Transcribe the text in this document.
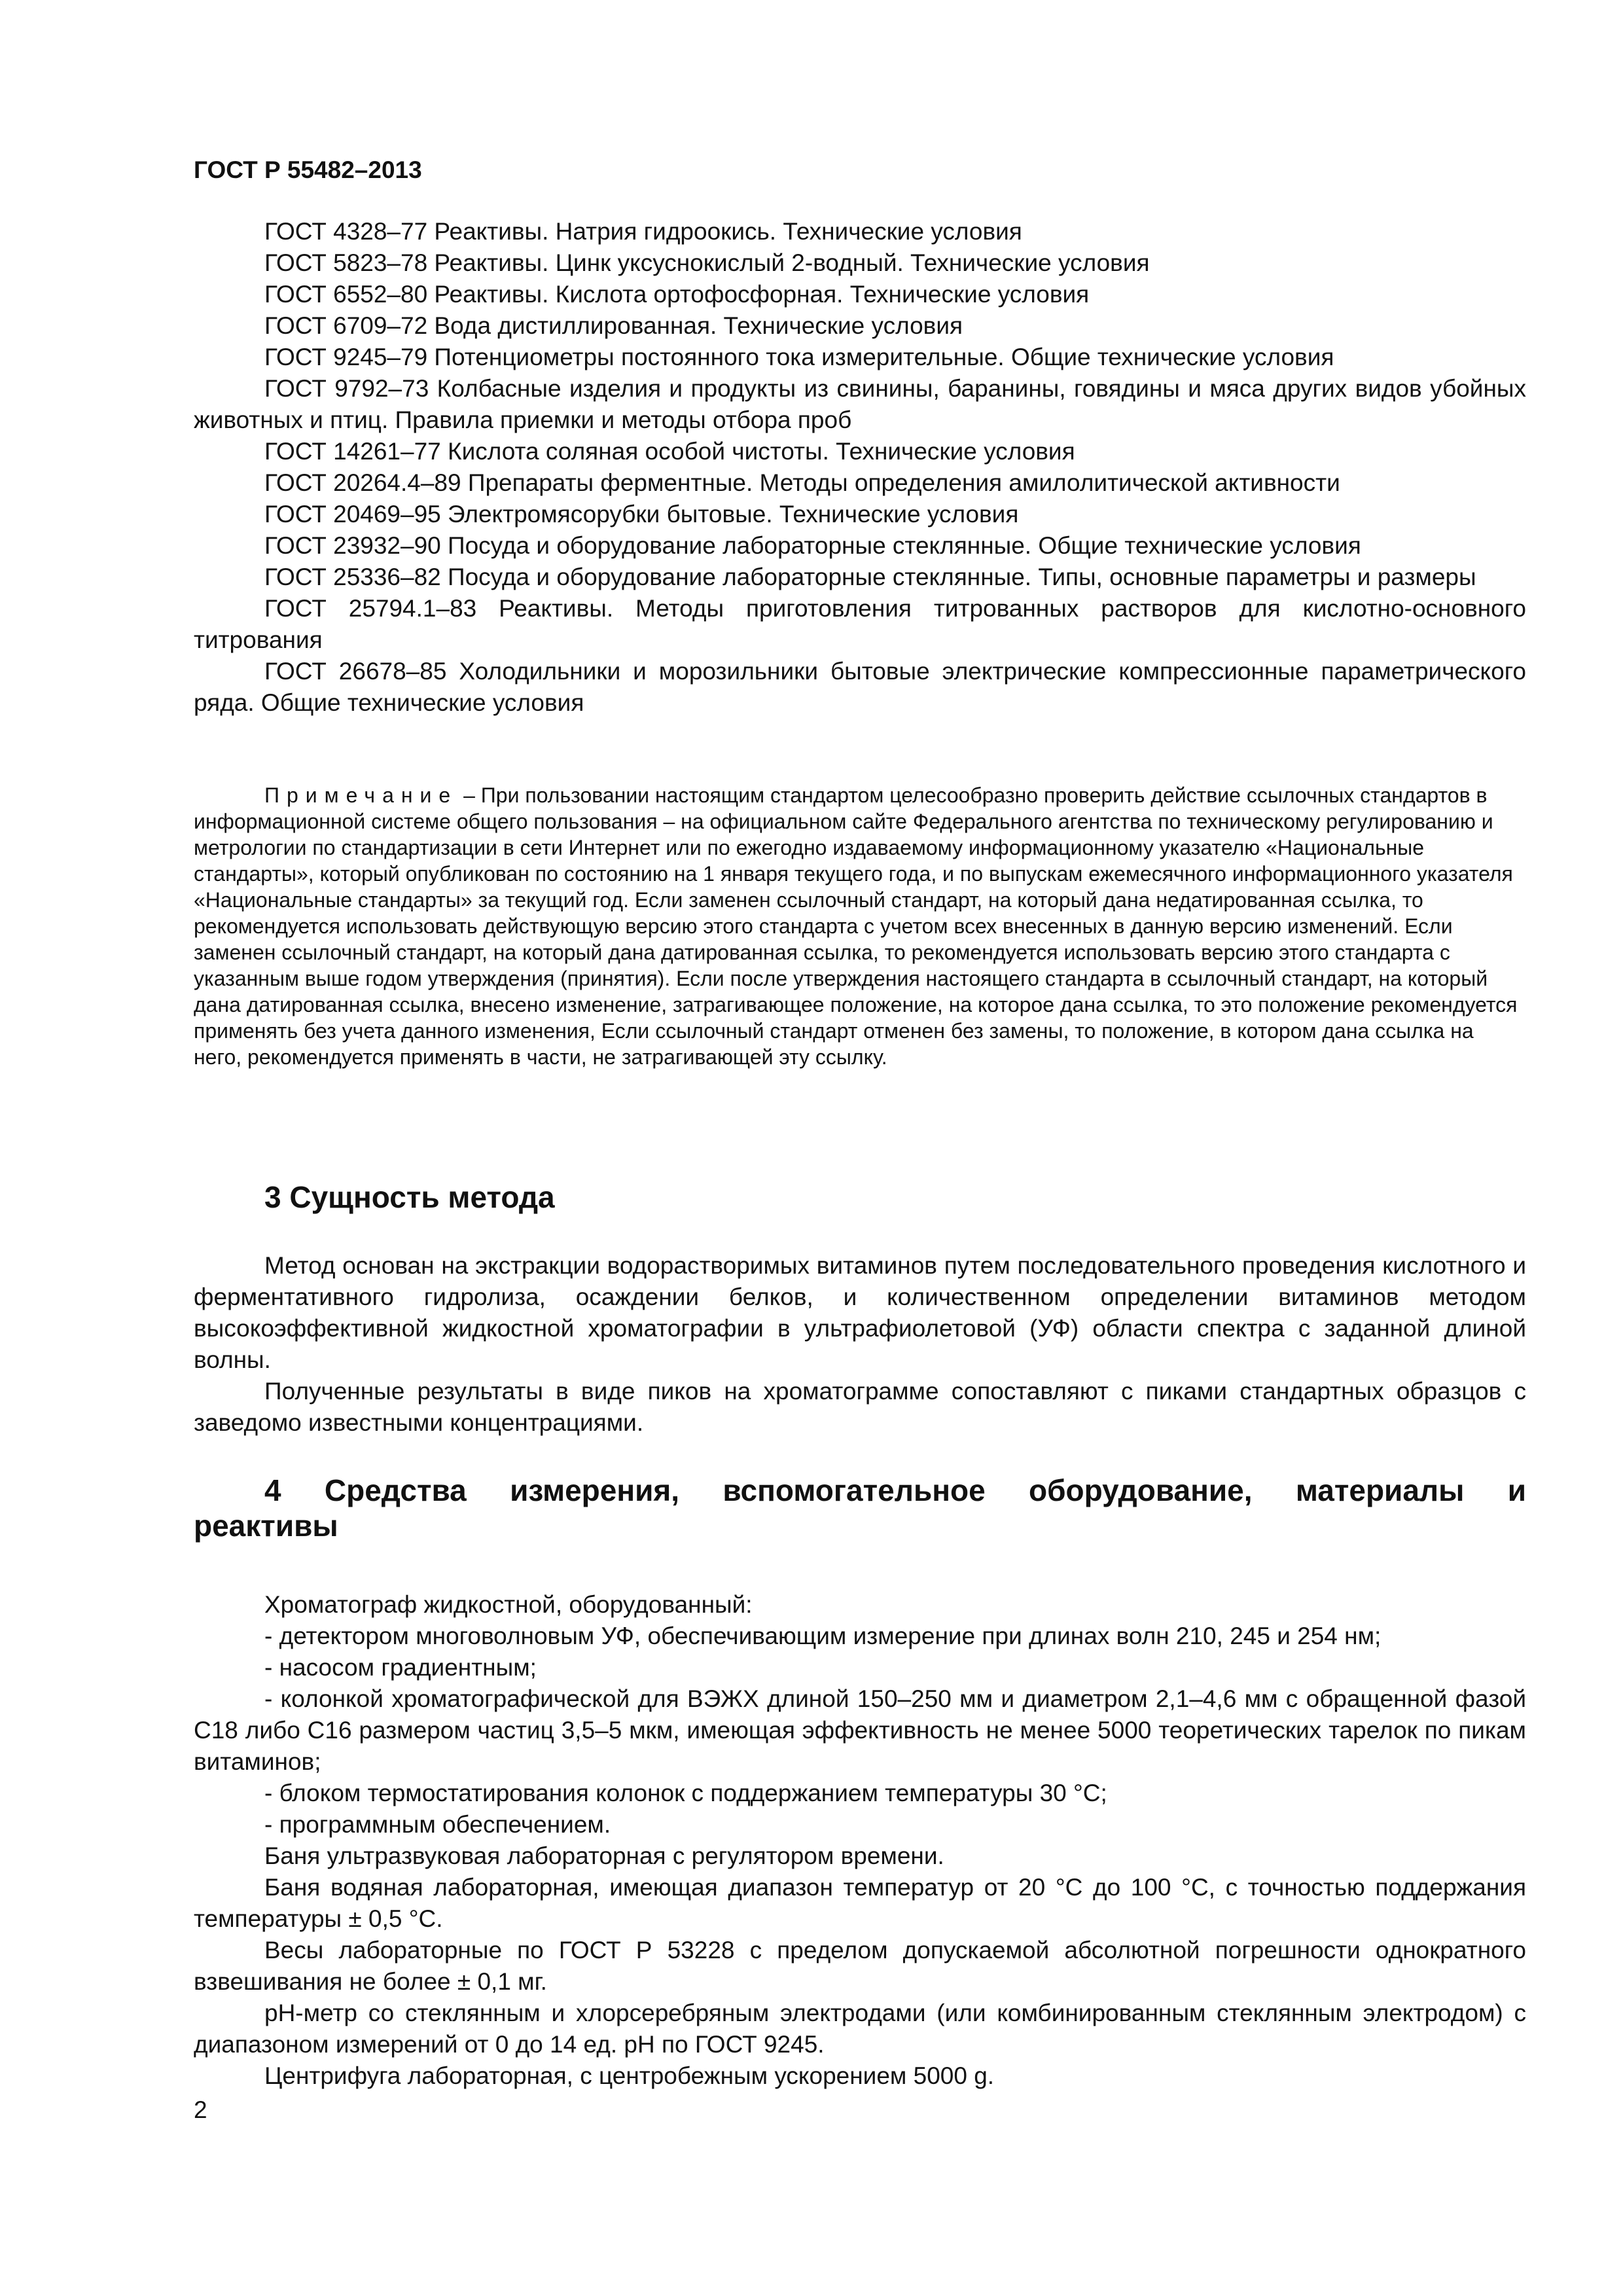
ГОСТ Р 55482–2013

ГОСТ 4328–77 Реактивы. Натрия гидроокись. Технические условия

ГОСТ 5823–78 Реактивы. Цинк уксуснокислый 2-водный. Технические условия

ГОСТ 6552–80 Реактивы. Кислота ортофосфорная. Технические условия

ГОСТ 6709–72 Вода дистиллированная. Технические условия

ГОСТ 9245–79 Потенциометры постоянного тока измерительные. Общие технические условия

ГОСТ 9792–73 Колбасные изделия и продукты из свинины, баранины, говядины и мяса других видов убойных животных и птиц. Правила приемки и методы отбора проб

ГОСТ 14261–77 Кислота соляная особой чистоты. Технические условия

ГОСТ 20264.4–89 Препараты ферментные. Методы определения амилолитической активности

ГОСТ 20469–95 Электромясорубки бытовые. Технические условия

ГОСТ 23932–90 Посуда и оборудование лабораторные стеклянные. Общие технические условия

ГОСТ 25336–82 Посуда и оборудование лабораторные стеклянные. Типы, основные параметры и размеры

ГОСТ 25794.1–83 Реактивы. Методы приготовления титрованных растворов для кислотно-основного титрования

ГОСТ 26678–85 Холодильники и морозильники бытовые электрические компрессионные параметрического ряда. Общие технические условия

Примечание – При пользовании настоящим стандартом целесообразно проверить действие ссылочных стандартов в информационной системе общего пользования – на официальном сайте Федерального агентства по техническому регулированию и метрологии по стандартизации в сети Интернет или по ежегодно издаваемому информационному указателю «Национальные стандарты», который опубликован по состоянию на 1 января текущего года, и по выпускам ежемесячного информационного указателя «Национальные стандарты» за текущий год. Если заменен ссылочный стандарт, на который дана недатированная ссылка, то рекомендуется использовать действующую версию этого стандарта с учетом всех внесенных в данную версию изменений. Если заменен ссылочный стандарт, на который дана датированная ссылка, то рекомендуется использовать версию этого стандарта с указанным выше годом утверждения (принятия). Если после утверждения настоящего стандарта в ссылочный стандарт, на который дана датированная ссылка, внесено изменение, затрагивающее положение, на которое дана ссылка, то это положение рекомендуется применять без учета данного изменения, Если ссылочный стандарт отменен без замены, то положение, в котором дана ссылка на него, рекомендуется применять в части, не затрагивающей эту ссылку.

3 Сущность метода

Метод основан на экстракции водорастворимых витаминов путем последовательного проведения кислотного и ферментативного гидролиза, осаждении белков, и количественном определении витаминов методом высокоэффективной жидкостной хроматографии в ультрафиолетовой (УФ) области спектра с заданной длиной волны.

Полученные результаты в виде пиков на хроматограмме сопоставляют с пиками стандартных образцов с заведомо известными концентрациями.

4 Средства измерения, вспомогательное оборудование, материалы и
реактивы

Хроматограф жидкостной, оборудованный:

- детектором многоволновым УФ, обеспечивающим измерение при длинах волн 210, 245 и 254 нм;

- насосом градиентным;

- колонкой хроматографической для ВЭЖХ длиной 150–250 мм и диаметром 2,1–4,6 мм с обращенной фазой С18 либо С16 размером частиц 3,5–5 мкм, имеющая эффективность не менее 5000 теоретических тарелок по пикам витаминов;

- блоком термостатирования колонок с поддержанием температуры 30 °С;

- программным обеспечением.

Баня ультразвуковая лабораторная с регулятором времени.

Баня водяная лабораторная, имеющая диапазон температур от 20 °С до 100 °С, с точностью поддержания температуры ± 0,5 °С.

Весы лабораторные по ГОСТ Р 53228 с пределом допускаемой абсолютной погрешности однократного взвешивания не более ± 0,1 мг.

pH-метр со стеклянным и хлорсеребряным электродами (или комбинированным стеклянным электродом) с диапазоном измерений от 0 до 14 ед. pH по ГОСТ 9245.

Центрифуга лабораторная, с центробежным ускорением 5000 g.

2
